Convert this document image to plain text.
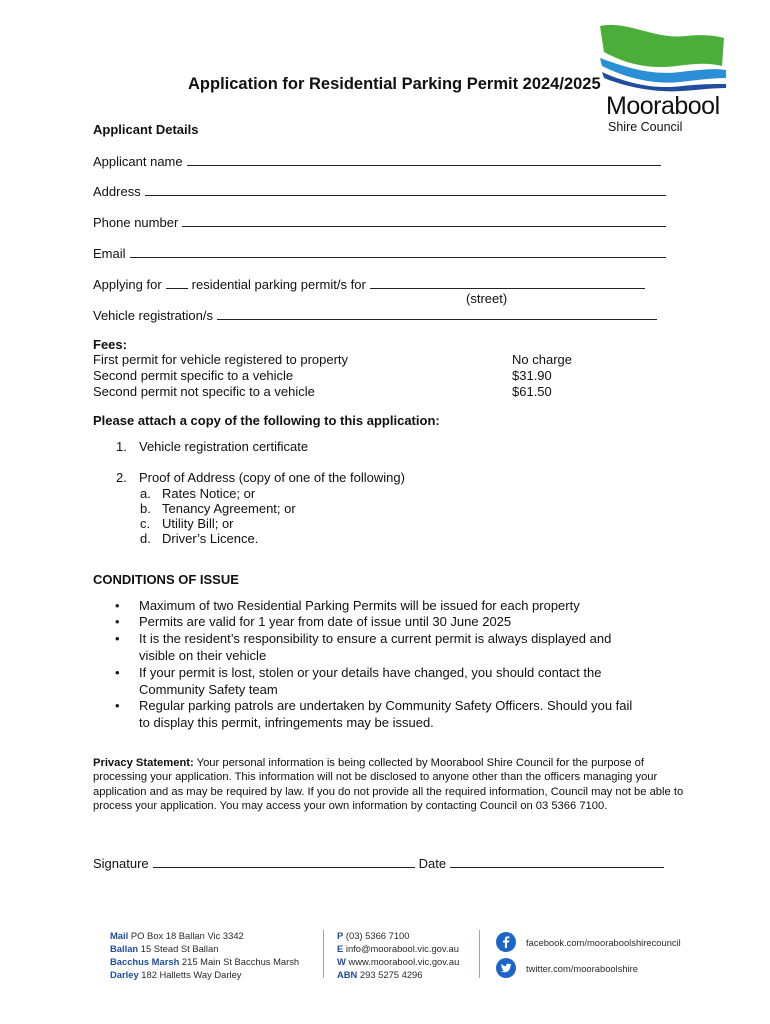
Moorabool
Shire Council
Application for Residential Parking Permit 2024/2025
Applicant Details
Applicant name
Address
Phone number
Email
Applying for residential parking permit/s for
(street)
Vehicle registration/s
Fees:
First permit for vehicle registered to property	No charge
Second permit specific to a vehicle	$31.90
Second permit not specific to a vehicle	$61.50
Please attach a copy of the following to this application:
1. Vehicle registration certificate
2. Proof of Address (copy of one of the following)
a. Rates Notice; or
b. Tenancy Agreement; or
c. Utility Bill; or
d. Driver’s Licence.
CONDITIONS OF ISSUE
• Maximum of two Residential Parking Permits will be issued for each property
• Permits are valid for 1 year from date of issue until 30 June 2025
• It is the resident’s responsibility to ensure a current permit is always displayed and visible on their vehicle
• If your permit is lost, stolen or your details have changed, you should contact the Community Safety team
• Regular parking patrols are undertaken by Community Safety Officers. Should you fail to display this permit, infringements may be issued.
Privacy Statement: Your personal information is being collected by Moorabool Shire Council for the purpose of processing your application. This information will not be disclosed to anyone other than the officers managing your application and as may be required by law. If you do not provide all the required information, Council may not be able to process your application. You may access your own information by contacting Council on 03 5366 7100.
Signature	Date
Mail PO Box 18 Ballan Vic 3342
Ballan 15 Stead St Ballan
Bacchus Marsh 215 Main St Bacchus Marsh
Darley 182 Halletts Way Darley
P (03) 5366 7100
E info@moorabool.vic.gov.au
W www.moorabool.vic.gov.au
ABN 293 5275 4296
facebook.com/mooraboolshirecouncil
twitter.com/mooraboolshire
